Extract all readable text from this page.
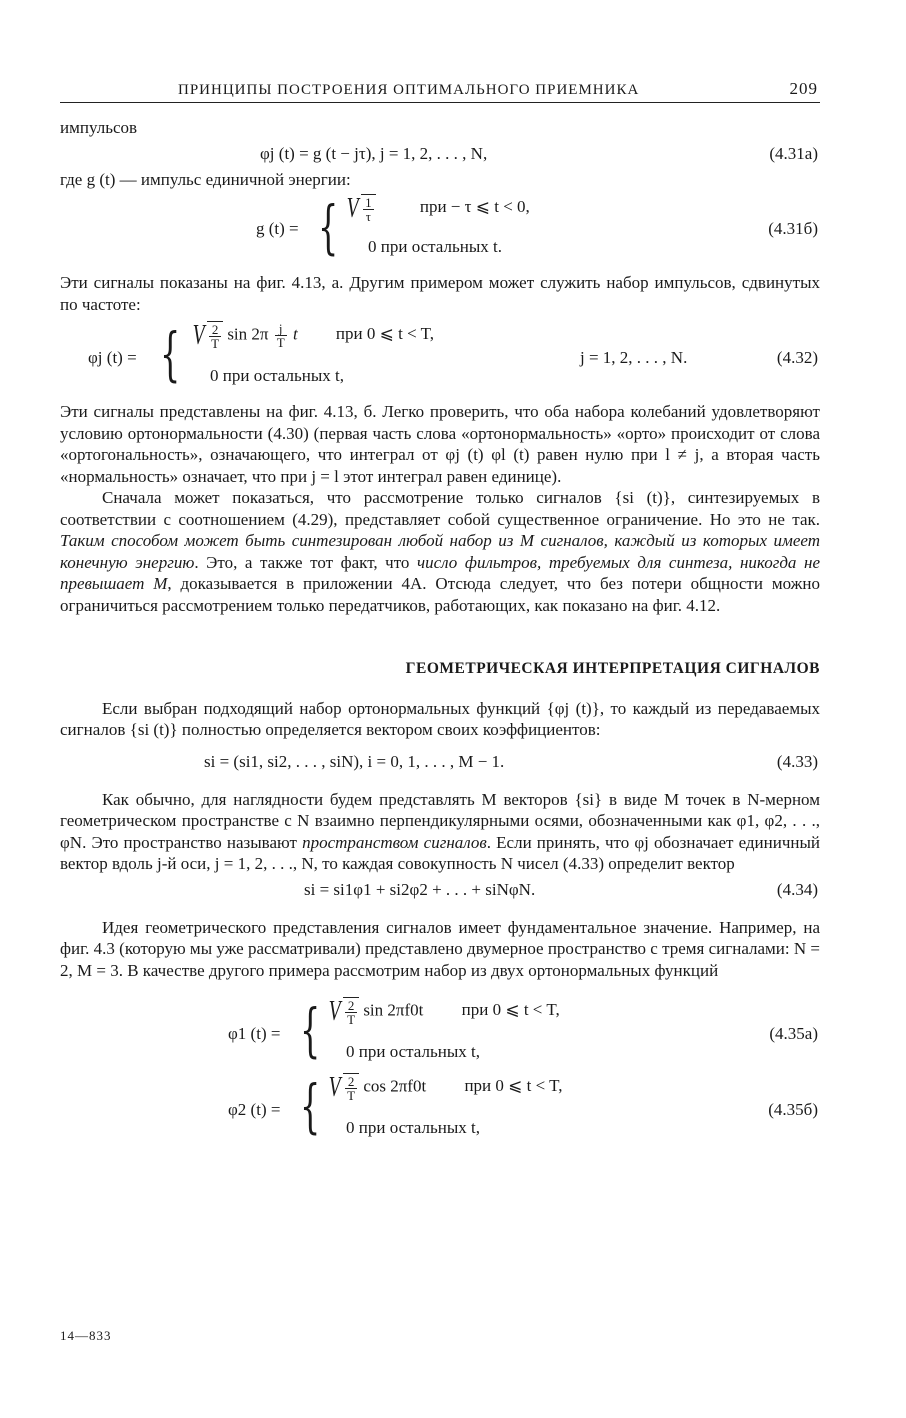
ПРИНЦИПЫ ПОСТРОЕНИЯ ОПТИМАЛЬНОГО ПРИЕМНИКА	209

импульсов

φj (t) = g (t − jτ), j = 1, 2, . . . , N,	(4.31а)

где g (t) — импульс единичной энергии:

g (t) = { V $\frac{1}{\tau}$	при − τ ⩽ t < 0,
0 при остальных t.
(4.31б)

Эти сигналы показаны на фиг. 4.13, а. Другим примером может служить набор импульсов, сдвинутых по частоте:

φj (t) = { V $\frac{2}{T}$ $\sin 2\pi \frac{j}{T}$ t при 0 ⩽ t < T,
0 при остальных t,
j = 1, 2, . . . , N.	(4.32)

Эти сигналы представлены на фиг. 4.13, б. Легко проверить, что оба набора колебаний удовлетворяют условию ортонормальности (4.30) (первая часть слова «ортонормальность» «орто» происходит от слова «ортогональность», означающего, что интеграл от φj (t) φl (t) равен нулю при l ≠ j, а вторая часть «нормальность» означает, что при j = l этот интеграл равен единице).

Сначала может показаться, что рассмотрение только сигналов {si (t)}, синтезируемых в соответствии с соотношением (4.29), представляет собой существенное ограничение. Но это не так. Таким способом может быть синтезирован любой набор из M сигналов, каждый из которых имеет конечную энергию. Это, а также тот факт, что число фильтров, требуемых для синтеза, никогда не превышает M, доказывается в приложении 4А. Отсюда следует, что без потери общности можно ограничиться рассмотрением только передатчиков, работающих, как показано на фиг. 4.12.

ГЕОМЕТРИЧЕСКАЯ ИНТЕРПРЕТАЦИЯ СИГНАЛОВ

Если выбран подходящий набор ортонормальных функций {φj (t)}, то каждый из передаваемых сигналов {si (t)} полностью определяется вектором своих коэффициентов:

si = (si1, si2, . . . , siN), i = 0, 1, . . . , M − 1.	(4.33)

Как обычно, для наглядности будем представлять M векторов {si} в виде M точек в N-мерном геометрическом пространстве с N взаимно перпендикулярными осями, обозначенными как φ1, φ2, . . ., φN. Это пространство называют пространством сигналов. Если принять, что φj обозначает единичный вектор вдоль j-й оси, j = 1, 2, . . ., N, то каждая совокупность N чисел (4.33) определит вектор

si = si1φ1 + si2φ2 + . . . + siNφN.	(4.34)

Идея геометрического представления сигналов имеет фундаментальное значение. Например, на фиг. 4.3 (которую мы уже рассматривали) представлено двумерное пространство с тремя сигналами: N = 2, M = 3. В качестве другого примера рассмотрим набор из двух ортонормальных функций

φ1 (t) = { V $\frac{2}{T}$ sin 2πf0t при 0 ⩽ t < T,
0 при остальных t,
(4.35а)
φ2 (t) = { V $\frac{2}{T}$ cos 2πf0t при 0 ⩽ t < T,
0 при остальных t,
(4.35б)
14—833
